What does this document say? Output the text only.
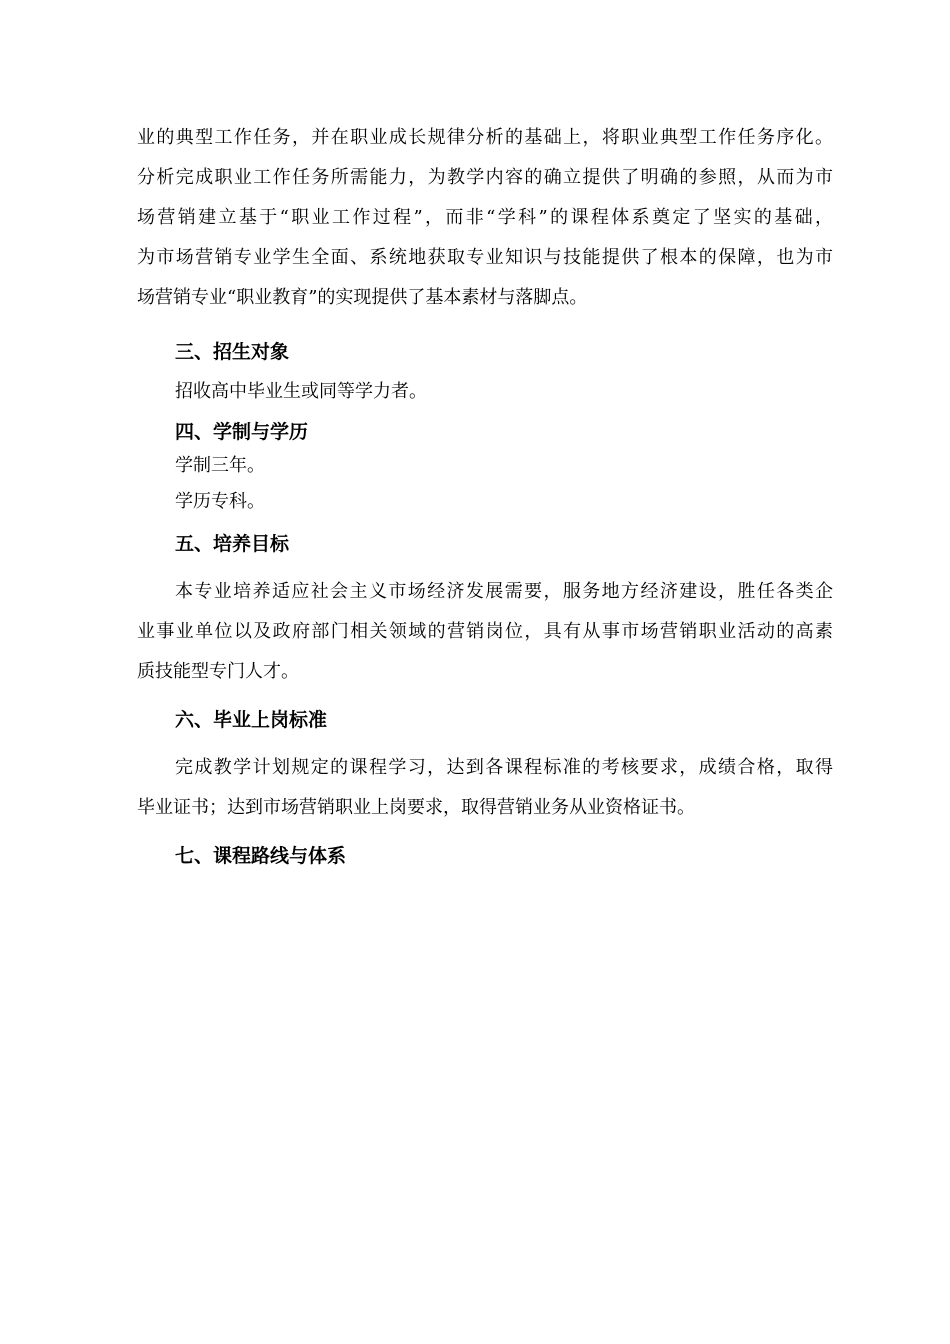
业的典型工作任务，并在职业成长规律分析的基础上，将职业典型工作任务序化。
分析完成职业工作任务所需能力，为教学内容的确立提供了明确的参照，从而为市
场营销建立基于“职业工作过程”，而非“学科”的课程体系奠定了坚实的基础，
为市场营销专业学生全面、系统地获取专业知识与技能提供了根本的保障，也为市
场营销专业“职业教育”的实现提供了基本素材与落脚点。
三、招生对象
招收高中毕业生或同等学力者。
四、学制与学历
学制三年。
学历专科。
五、培养目标
本专业培养适应社会主义市场经济发展需要，服务地方经济建设，胜任各类企
业事业单位以及政府部门相关领域的营销岗位，具有从事市场营销职业活动的高素
质技能型专门人才。
六、毕业上岗标准
完成教学计划规定的课程学习，达到各课程标准的考核要求，成绩合格，取得
毕业证书；达到市场营销职业上岗要求，取得营销业务从业资格证书。
七、课程路线与体系
